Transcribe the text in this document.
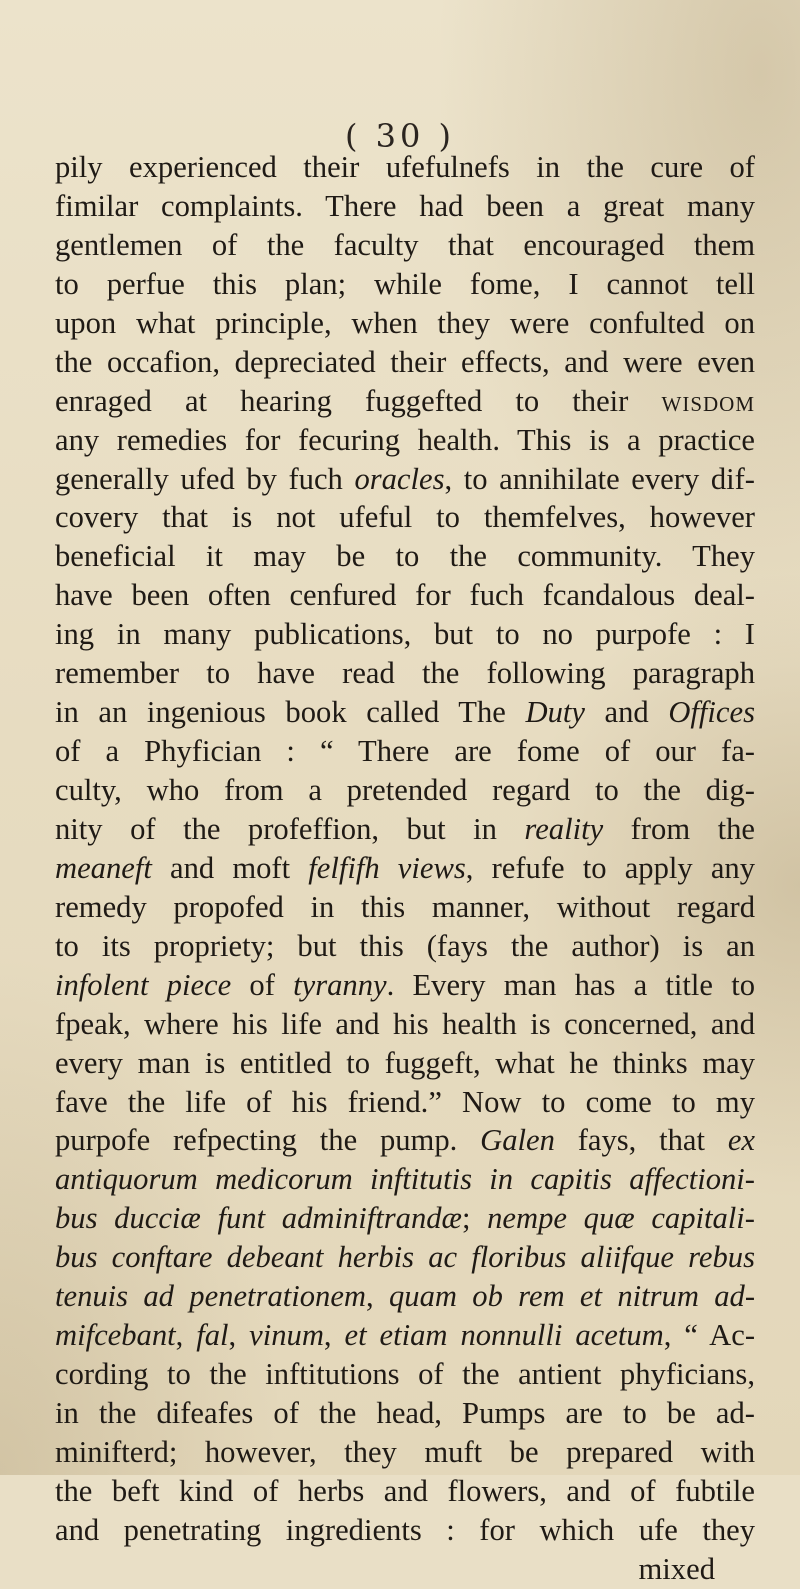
( 30 )
pily experienced their ufefulnefs in the cure of
fimilar complaints. There had been a great many
gentlemen of the faculty that encouraged them
to perfue this plan; while fome, I cannot tell
upon what principle, when they were confulted on
the occafion, depreciated their effects, and were even
enraged at hearing fuggefted to their wisdom
any remedies for fecuring health. This is a practice
generally ufed by fuch oracles, to annihilate every dif-
covery that is not ufeful to themfelves, however
beneficial it may be to the community. They
have been often cenfured for fuch fcandalous deal-
ing in many publications, but to no purpofe : I
remember to have read the following paragraph
in an ingenious book called The Duty and Offices
of a Phyfician : “ There are fome of our fa-
culty, who from a pretended regard to the dig-
nity of the profeffion, but in reality from the
meaneft and moft felfifh views, refufe to apply any
remedy propofed in this manner, without regard
to its propriety; but this (fays the author) is an
infolent piece of tyranny. Every man has a title to
fpeak, where his life and his health is concerned, and
every man is entitled to fuggeft, what he thinks may
fave the life of his friend.” Now to come to my
purpofe refpecting the pump. Galen fays, that ex
antiquorum medicorum inftitutis in capitis affectioni-
bus ducciæ funt adminiftrandæ; nempe quæ capitali-
bus conftare debeant herbis ac floribus aliifque rebus
tenuis ad penetrationem, quam ob rem et nitrum ad-
mifcebant, fal, vinum, et etiam nonnulli acetum, “ Ac-
cording to the inftitutions of the antient phyficians,
in the difeafes of the head, Pumps are to be ad-
minifterd; however, they muft be prepared with
the beft kind of herbs and flowers, and of fubtile
and penetrating ingredients : for which ufe they
mixed
